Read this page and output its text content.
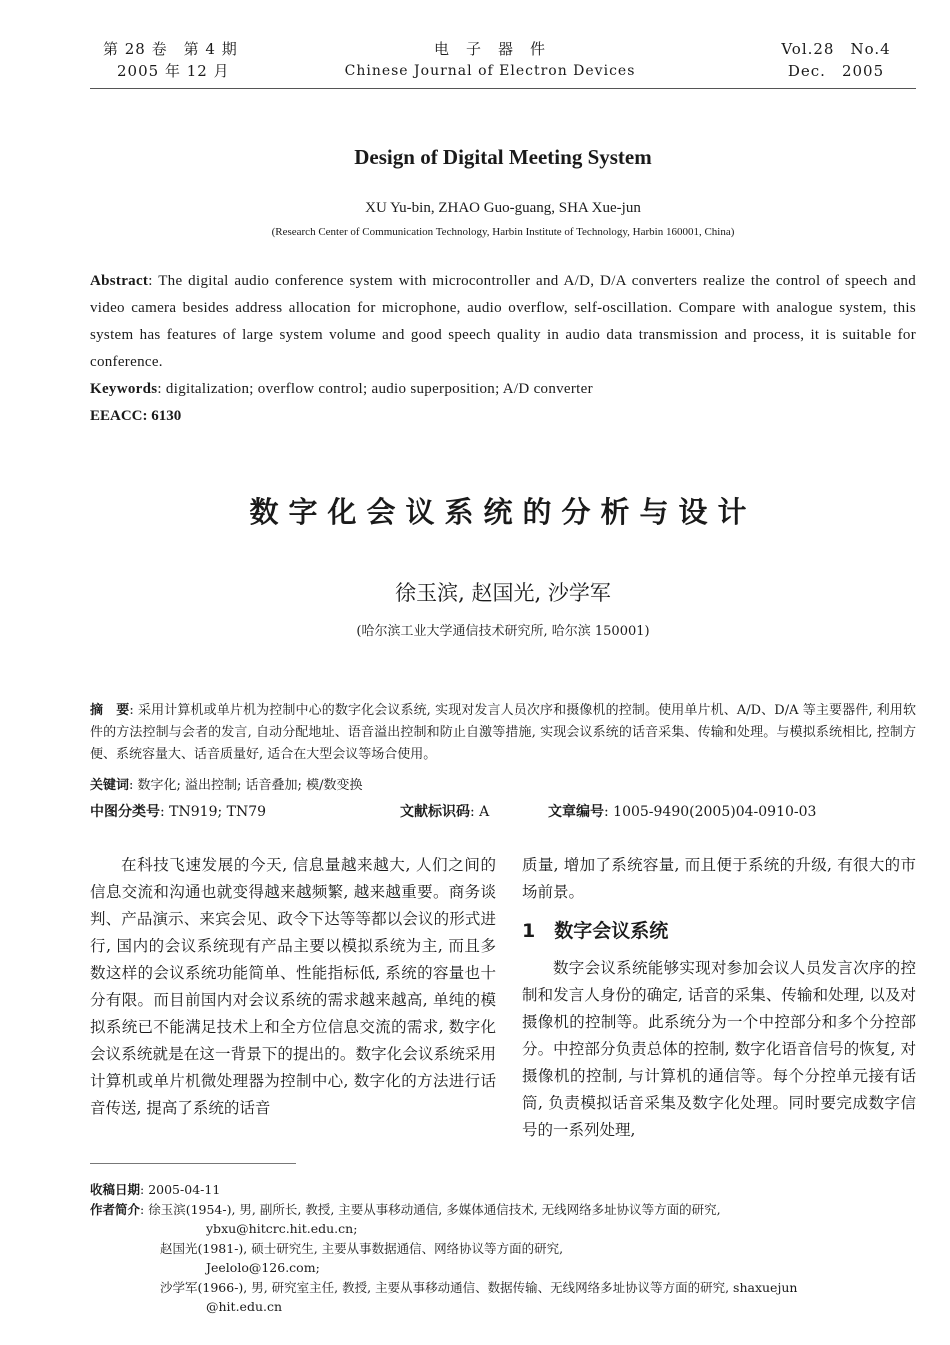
第 28 卷　第 4 期
2005 年 12 月
电　子　器　件
Chinese Journal of Electron Devices
Vol.28　No.4
Dec.　2005
Design of Digital Meeting System
XU Yu-bin, ZHAO Guo-guang, SHA Xue-jun
(Research Center of Communication Technology, Harbin Institute of Technology, Harbin 160001, China)
Abstract: The digital audio conference system with microcontroller and A/D, D/A converters realize the control of speech and video camera besides address allocation for microphone, audio overflow, self-oscillation. Compare with analogue system, this system has features of large system volume and good speech quality in audio data transmission and process, it is suitable for conference.
Keywords: digitalization; overflow control; audio superposition; A/D converter
EEACC: 6130
数字化会议系统的分析与设计
徐玉滨, 赵国光, 沙学军
(哈尔滨工业大学通信技术研究所, 哈尔滨 150001)
摘　要: 采用计算机或单片机为控制中心的数字化会议系统, 实现对发言人员次序和摄像机的控制。使用单片机、A/D、D/A 等主要器件, 利用软件的方法控制与会者的发言, 自动分配地址、语音溢出控制和防止自激等措施, 实现会议系统的话音采集、传输和处理。与模拟系统相比, 控制方便、系统容量大、话音质量好, 适合在大型会议等场合使用。
关键词: 数字化; 溢出控制; 话音叠加; 模/数变换
中图分类号: TN919; TN79	文献标识码: A	文章编号: 1005-9490(2005)04-0910-03

在科技飞速发展的今天, 信息量越来越大, 人们之间的信息交流和沟通也就变得越来越频繁, 越来越重要。商务谈判、产品演示、来宾会见、政令下达等等都以会议的形式进行, 国内的会议系统现有产品主要以模拟系统为主, 而且多数这样的会议系统功能简单、性能指标低, 系统的容量也十分有限。而目前国内对会议系统的需求越来越高, 单纯的模拟系统已不能满足技术上和全方位信息交流的需求, 数字化会议系统就是在这一背景下的提出的。数字化会议系统采用计算机或单片机微处理器为控制中心, 数字化的方法进行话音传送, 提高了系统的话音

质量, 增加了系统容量, 而且便于系统的升级, 有很大的市场前景。

1　数字会议系统

数字会议系统能够实现对参加会议人员发言次序的控制和发言人身份的确定, 话音的采集、传输和处理, 以及对摄像机的控制等。此系统分为一个中控部分和多个分控部分。中控部分负责总体的控制, 数字化语音信号的恢复, 对摄像机的控制, 与计算机的通信等。每个分控单元接有话筒, 负责模拟话音采集及数字化处理。同时要完成数字信号的一系列处理,

收稿日期: 2005-04-11
作者简介: 徐玉滨(1954-), 男, 副所长, 教授, 主要从事移动通信, 多媒体通信技术, 无线网络多址协议等方面的研究,
ybxu@hitcrc.hit.edu.cn;
赵国光(1981-), 硕士研究生, 主要从事数据通信、网络协议等方面的研究,
Jeelolo@126.com;
沙学军(1966-), 男, 研究室主任, 教授, 主要从事移动通信、数据传输、无线网络多址协议等方面的研究, shaxuejun
@hit.edu.cn
